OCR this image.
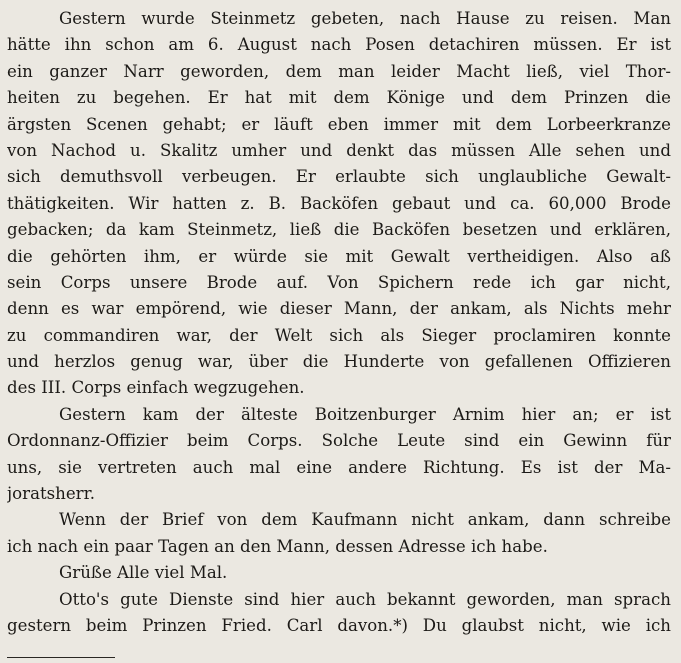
Gestern wurde Steinmetz gebeten, nach Hause zu reisen. Man
hätte ihn schon am 6. August nach Posen detachiren müssen. Er ist
ein ganzer Narr geworden, dem man leider Macht ließ, viel Thor-
heiten zu begehen. Er hat mit dem Könige und dem Prinzen die
ärgsten Scenen gehabt; er läuft eben immer mit dem Lorbeerkranze
von Nachod u. Skalitz umher und denkt das müssen Alle sehen und
sich demuthsvoll verbeugen. Er erlaubte sich unglaubliche Gewalt-
thätigkeiten. Wir hatten z. B. Backöfen gebaut und ca. 60,000 Brode
gebacken; da kam Steinmetz, ließ die Backöfen besetzen und erklären,
die gehörten ihm, er würde sie mit Gewalt vertheidigen. Also aß
sein Corps unsere Brode auf. Von Spichern rede ich gar nicht,
denn es war empörend, wie dieser Mann, der ankam, als Nichts mehr
zu commandiren war, der Welt sich als Sieger proclamiren konnte
und herzlos genug war, über die Hunderte von gefallenen Offizieren
des III. Corps einfach wegzugehen.
Gestern kam der älteste Boitzenburger Arnim hier an; er ist
Ordonnanz-Offizier beim Corps. Solche Leute sind ein Gewinn für
uns, sie vertreten auch mal eine andere Richtung. Es ist der Ma-
joratsherr.
Wenn der Brief von dem Kaufmann nicht ankam, dann schreibe
ich nach ein paar Tagen an den Mann, dessen Adresse ich habe.
Grüße Alle viel Mal.
Otto's gute Dienste sind hier auch bekannt geworden, man sprach
gestern beim Prinzen Fried. Carl davon.*) Du glaubst nicht, wie ich
